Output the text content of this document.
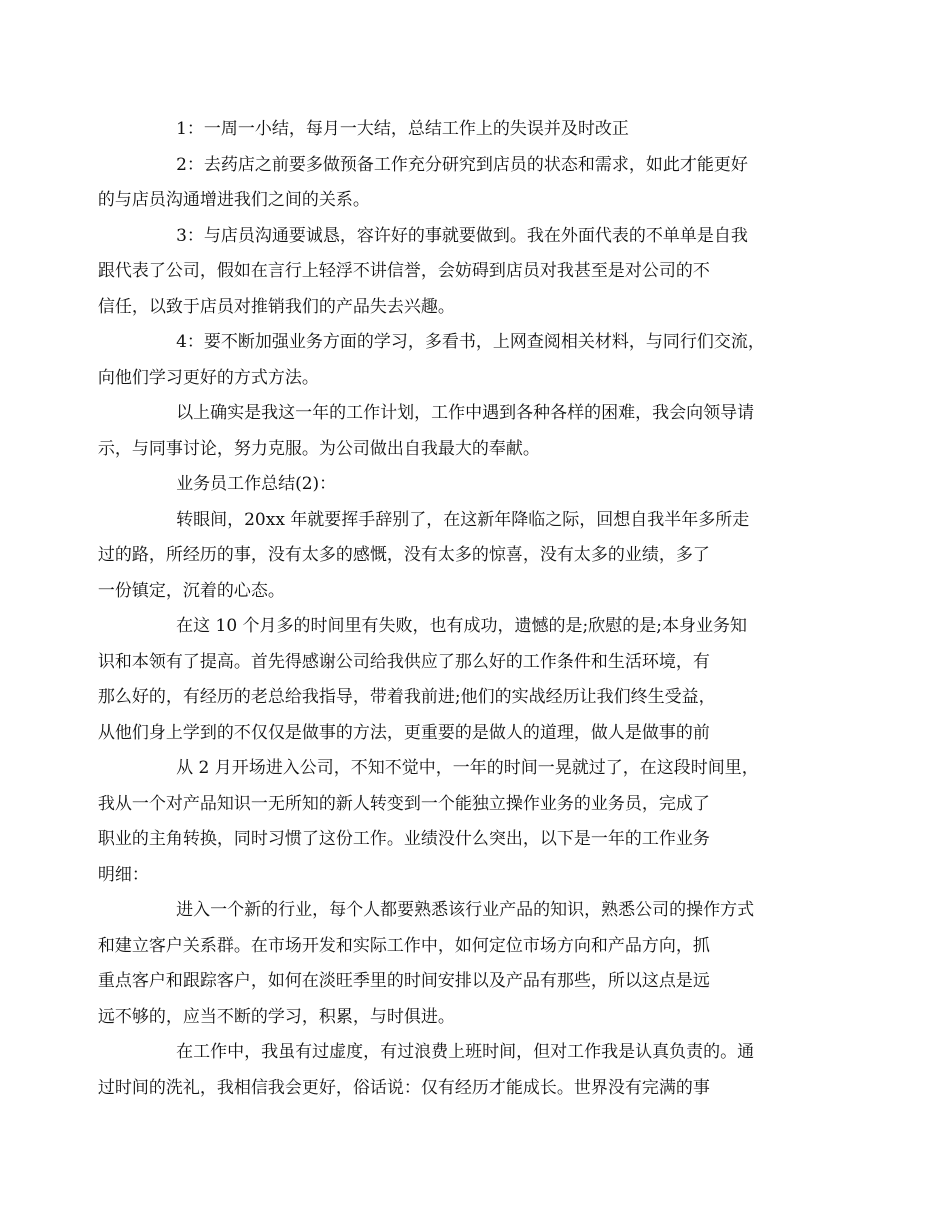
1：一周一小结，每月一大结，总结工作上的失误并及时改正

2：去药店之前要多做预备工作充分研究到店员的状态和需求，如此才能更好
的与店员沟通增进我们之间的关系。

3：与店员沟通要诚恳，容许好的事就要做到。我在外面代表的不单单是自我
跟代表了公司，假如在言行上轻浮不讲信誉，会妨碍到店员对我甚至是对公司的不
信任，以致于店员对推销我们的产品失去兴趣。

4：要不断加强业务方面的学习，多看书，上网查阅相关材料，与同行们交流，
向他们学习更好的方式方法。

以上确实是我这一年的工作计划，工作中遇到各种各样的困难，我会向领导请
示，与同事讨论，努力克服。为公司做出自我最大的奉献。

业务员工作总结(2)：

转眼间，20xx 年就要挥手辞别了，在这新年降临之际，回想自我半年多所走
过的路，所经历的事，没有太多的感慨，没有太多的惊喜，没有太多的业绩，多了
一份镇定，沉着的心态。

在这 10 个月多的时间里有失败，也有成功，遗憾的是;欣慰的是;本身业务知
识和本领有了提高。首先得感谢公司给我供应了那么好的工作条件和生活环境，有
那么好的，有经历的老总给我指导，带着我前进;他们的实战经历让我们终生受益，
从他们身上学到的不仅仅是做事的方法，更重要的是做人的道理，做人是做事的前

从 2 月开场进入公司，不知不觉中，一年的时间一晃就过了，在这段时间里，
我从一个对产品知识一无所知的新人转变到一个能独立操作业务的业务员，完成了
职业的主角转换，同时习惯了这份工作。业绩没什么突出，以下是一年的工作业务
明细：

进入一个新的行业，每个人都要熟悉该行业产品的知识，熟悉公司的操作方式
和建立客户关系群。在市场开发和实际工作中，如何定位市场方向和产品方向，抓
重点客户和跟踪客户，如何在淡旺季里的时间安排以及产品有那些，所以这点是远
远不够的，应当不断的学习，积累，与时俱进。

在工作中，我虽有过虚度，有过浪费上班时间，但对工作我是认真负责的。通
过时间的洗礼，我相信我会更好，俗话说：仅有经历才能成长。世界没有完满的事
